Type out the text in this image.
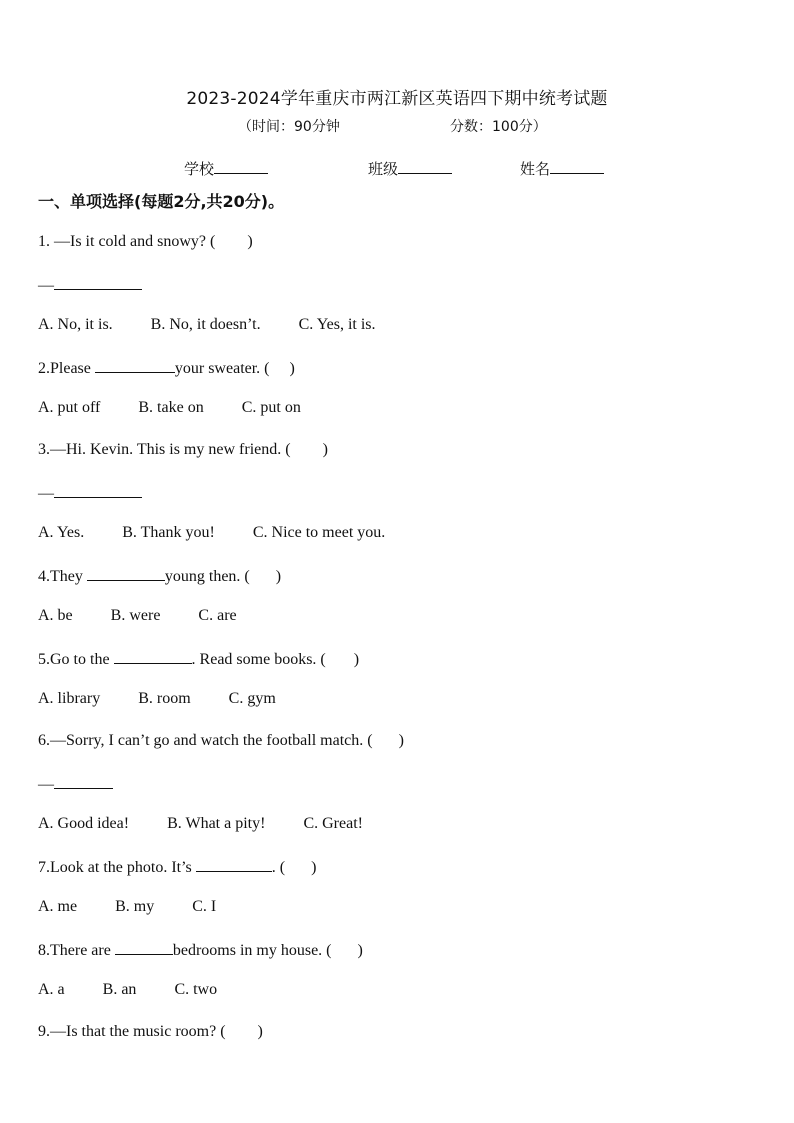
2023-2024学年重庆市两江新区英语四下期中统考试题
（时间：90分钟	分数：100分）
学校	班级	姓名
一、单项选择(每题2分,共20分)。
1. —Is it cold and snowy? ( )
—
A. No, it is. B. No, it doesn’t. C. Yes, it is.
2.Please	your sweater. ( )
A. put off B. take on C. put on
3.—Hi. Kevin. This is my new friend. ( )
—
A. Yes. B. Thank you! C. Nice to meet you.
4.They	young then. ( )
A. be B. were C. are
5.Go to the	. Read some books. ( )
A. library B. room C. gym
6.—Sorry, I can’t go and watch the football match. ( )
—
A. Good idea! B. What a pity! C. Great!
7.Look at the photo. It’s	. ( )
A. me B. my C. I
8.There are	bedrooms in my house. ( )
A. a B. an C. two
9.—Is that the music room? ( )
